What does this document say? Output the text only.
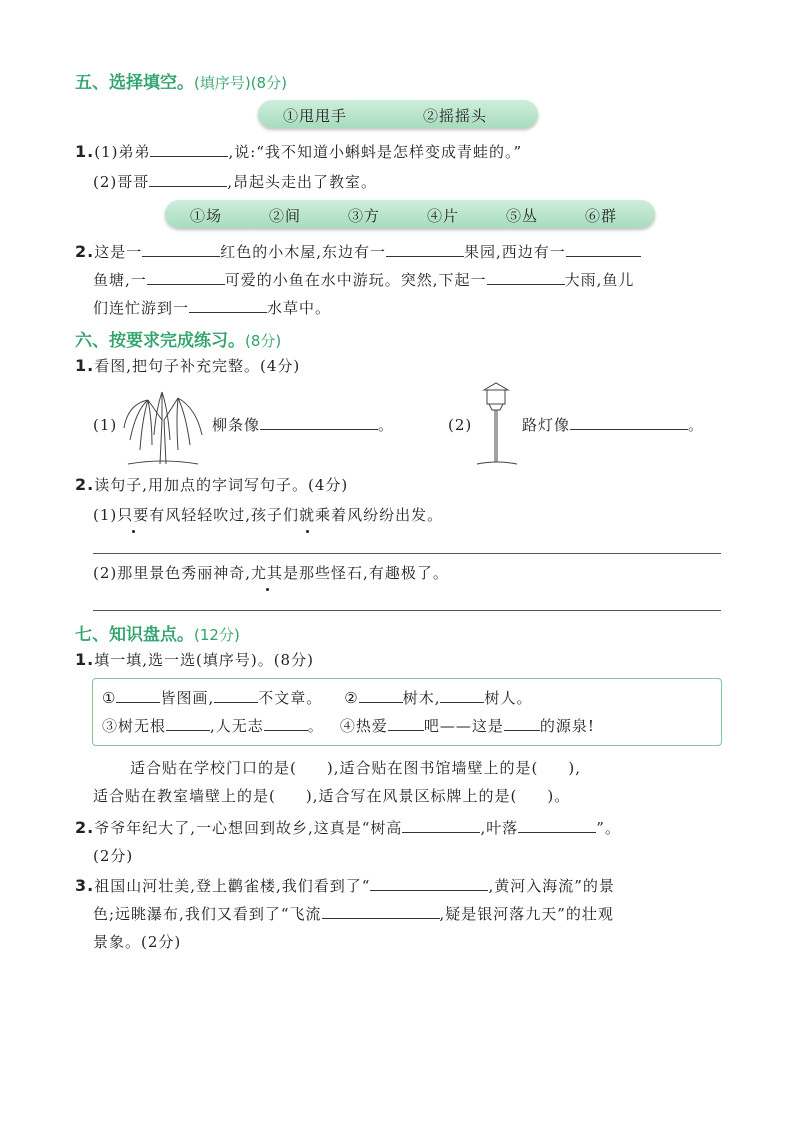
五、选择填空。(填序号)(8分)
①甩甩手	②摇摇头
1.(1)弟弟	,说:“我不知道小蝌蚪是怎样变成青蛙的。”
(2)哥哥	,昂起头走出了教室。
①场	②间	③方	④片	⑤丛	⑥群
2.这是一	红色的小木屋,东边有一	果园,西边有一
鱼塘,一	可爱的小鱼在水中游玩。突然,下起一	大雨,鱼儿
们连忙游到一	水草中。
六、按要求完成练习。(8分)
1.看图,把句子补充完整。(4分)
(1)	柳条像	。	(2)	路灯像	。
2.读句子,用加点的字词写句子。(4分)
(1)只要有风轻轻吹过,孩子们就乘着风纷纷出发。
(2)那里景色秀丽神奇,尤其是那些怪石,有趣极了。
七、知识盘点。(12分)
1.填一填,选一选(填序号)。(8分)
①	皆图画,	不文章。 ②	树木,	树人。
③树无根	,人无志	。 ④热爱 吧——这是 的源泉!
适合贴在学校门口的是( ),适合贴在图书馆墙壁上的是( ),
适合贴在教室墙壁上的是( ),适合写在风景区标牌上的是( )。
2.爷爷年纪大了,一心想回到故乡,这真是“树高	,叶落	”。
(2分)
3.祖国山河壮美,登上鹳雀楼,我们看到了“	,黄河入海流”的景
色;远眺瀑布,我们又看到了“飞流	,疑是银河落九天”的壮观
景象。(2分)
